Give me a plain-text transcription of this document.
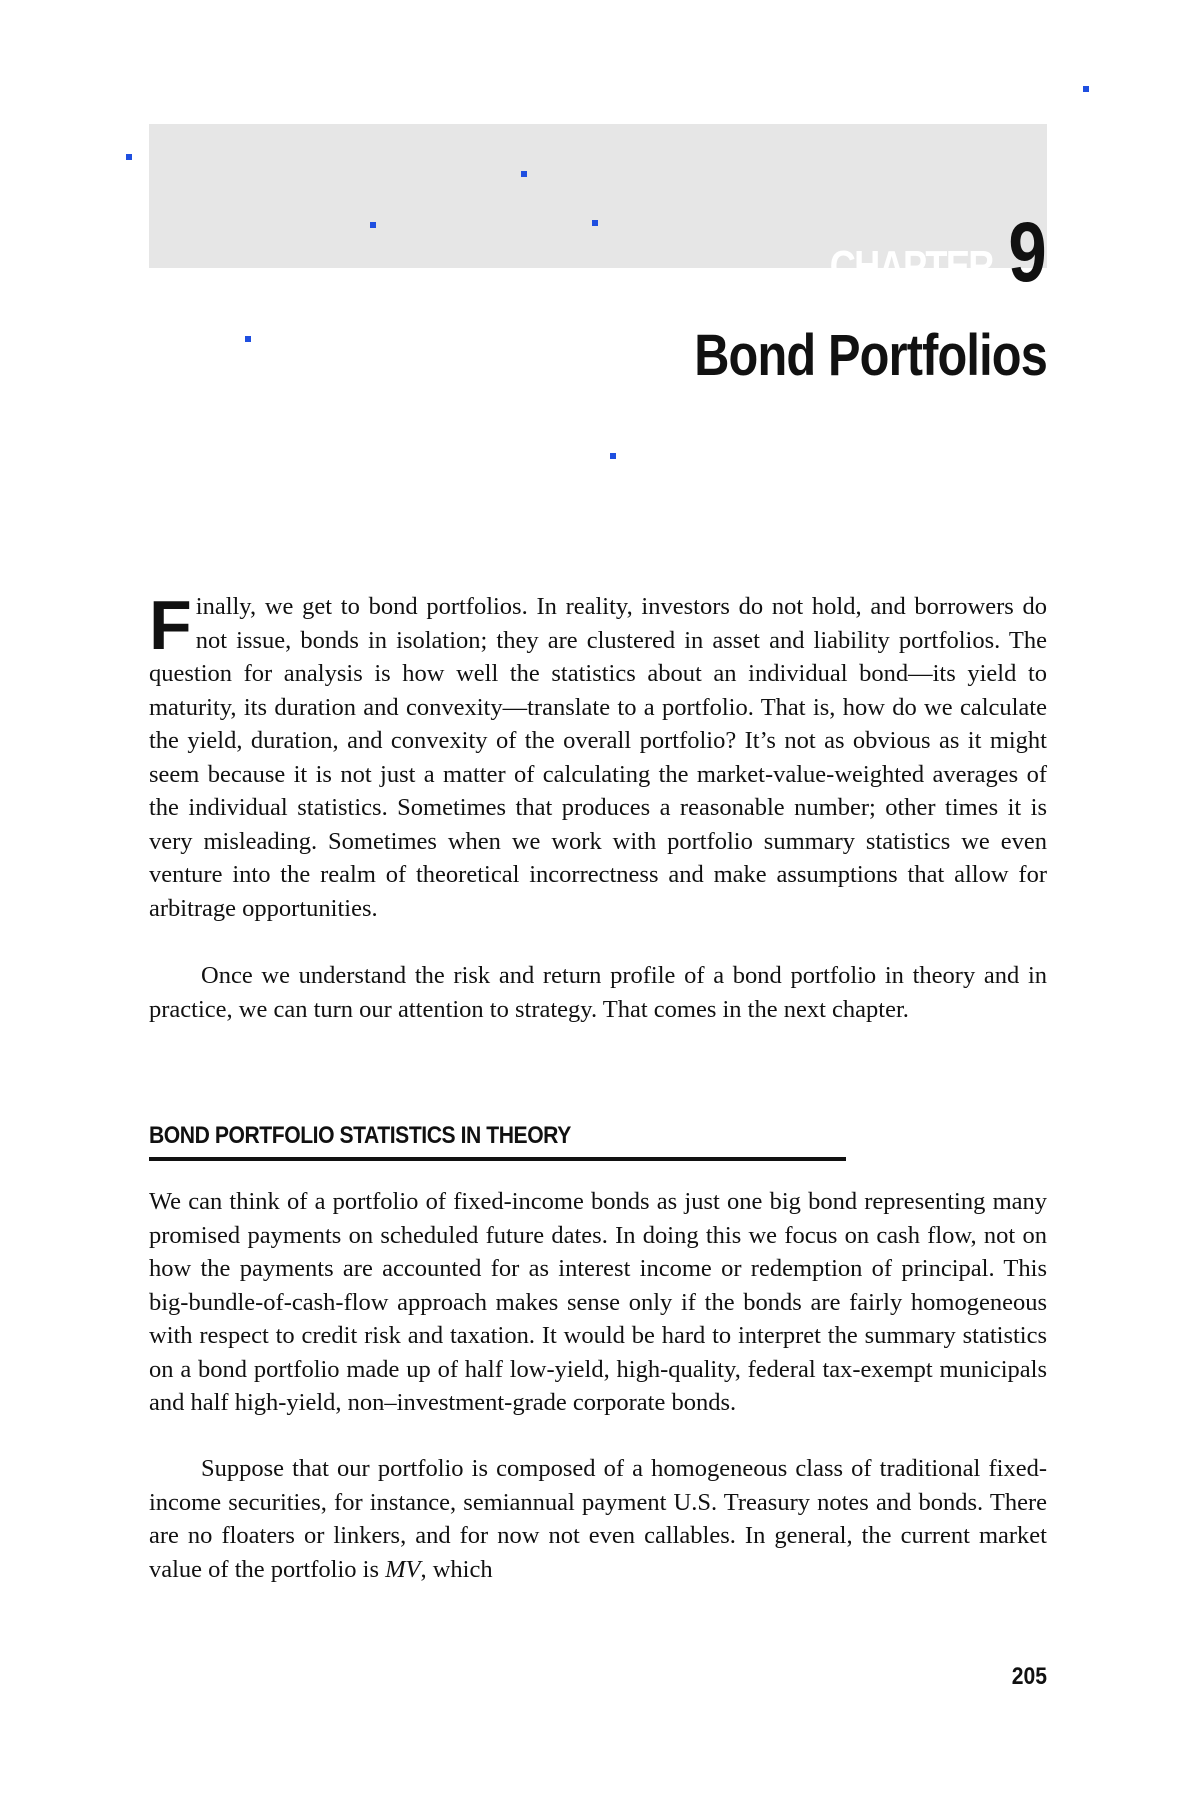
CHAPTER 9
Bond Portfolios

Finally, we get to bond portfolios. In reality, investors do not hold, and borrowers do not issue, bonds in isolation; they are clustered in asset and liability portfolios. The question for analysis is how well the statistics about an individual bond—its yield to maturity, its duration and convexity—translate to a portfolio. That is, how do we calculate the yield, duration, and convexity of the overall portfolio? It’s not as obvious as it might seem because it is not just a matter of calculating the market-value-weighted averages of the individual statistics. Sometimes that produces a reasonable number; other times it is very misleading. Sometimes when we work with portfolio summary statistics we even venture into the realm of theoretical incorrectness and make assumptions that allow for arbitrage opportunities.

Once we understand the risk and return profile of a bond portfolio in theory and in practice, we can turn our attention to strategy. That comes in the next chapter.

BOND PORTFOLIO STATISTICS IN THEORY

We can think of a portfolio of fixed-income bonds as just one big bond representing many promised payments on scheduled future dates. In doing this we focus on cash flow, not on how the payments are accounted for as interest income or redemption of principal. This big-bundle-of-cash-flow approach makes sense only if the bonds are fairly homogeneous with respect to credit risk and taxation. It would be hard to interpret the summary statistics on a bond portfolio made up of half low-yield, high-quality, federal tax-exempt municipals and half high-yield, non–investment-grade corporate bonds.

Suppose that our portfolio is composed of a homogeneous class of traditional fixed-income securities, for instance, semiannual payment U.S. Treasury notes and bonds. There are no floaters or linkers, and for now not even callables. In general, the current market value of the portfolio is MV, which

205
